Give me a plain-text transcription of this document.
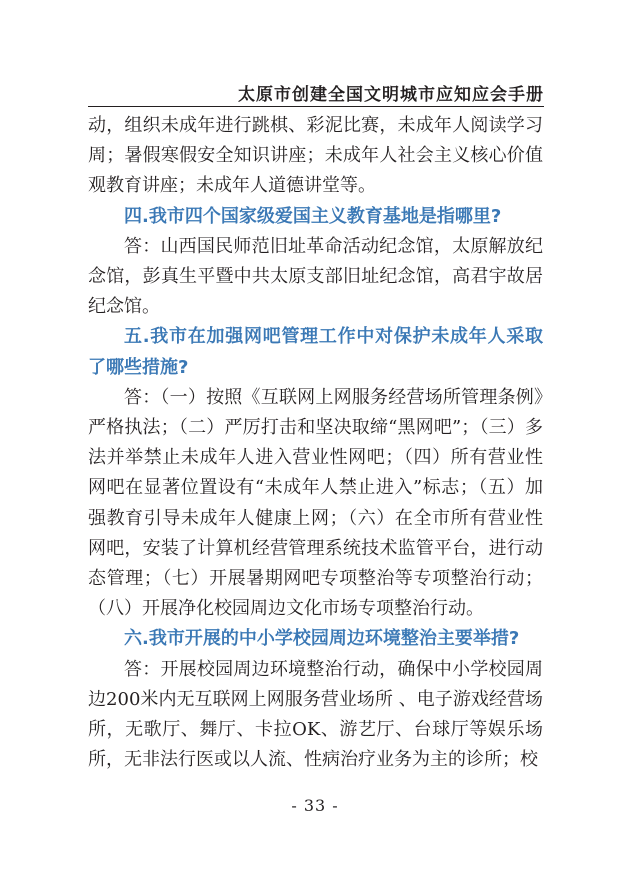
太原市创建全国文明城市应知应会手册

动，组织未成年进行跳棋、彩泥比赛，未成年人阅读学习周；暑假寒假安全知识讲座；未成年人社会主义核心价值观教育讲座；未成年人道德讲堂等。

四.我市四个国家级爱国主义教育基地是指哪里?

答：山西国民师范旧址革命活动纪念馆，太原解放纪念馆，彭真生平暨中共太原支部旧址纪念馆，高君宇故居纪念馆。

五.我市在加强网吧管理工作中对保护未成年人采取了哪些措施?

答：（一）按照《互联网上网服务经营场所管理条例》严格执法；（二）严厉打击和坚决取缔“黑网吧”；（三）多法并举禁止未成年人进入营业性网吧；（四）所有营业性网吧在显著位置设有“未成年人禁止进入”标志；（五）加强教育引导未成年人健康上网；（六）在全市所有营业性网吧，安装了计算机经营管理系统技术监管平台，进行动态管理；（七）开展暑期网吧专项整治等专项整治行动；（八）开展净化校园周边文化市场专项整治行动。

六.我市开展的中小学校园周边环境整治主要举措?

答：开展校园周边环境整治行动，确保中小学校园周边200米内无互联网上网服务营业场所 、电子游戏经营场所，无歌厅、舞厅、卡拉OK、游艺厅、台球厅等娱乐场所，无非法行医或以人流、性病治疗业务为主的诊所；校

- 33 -
